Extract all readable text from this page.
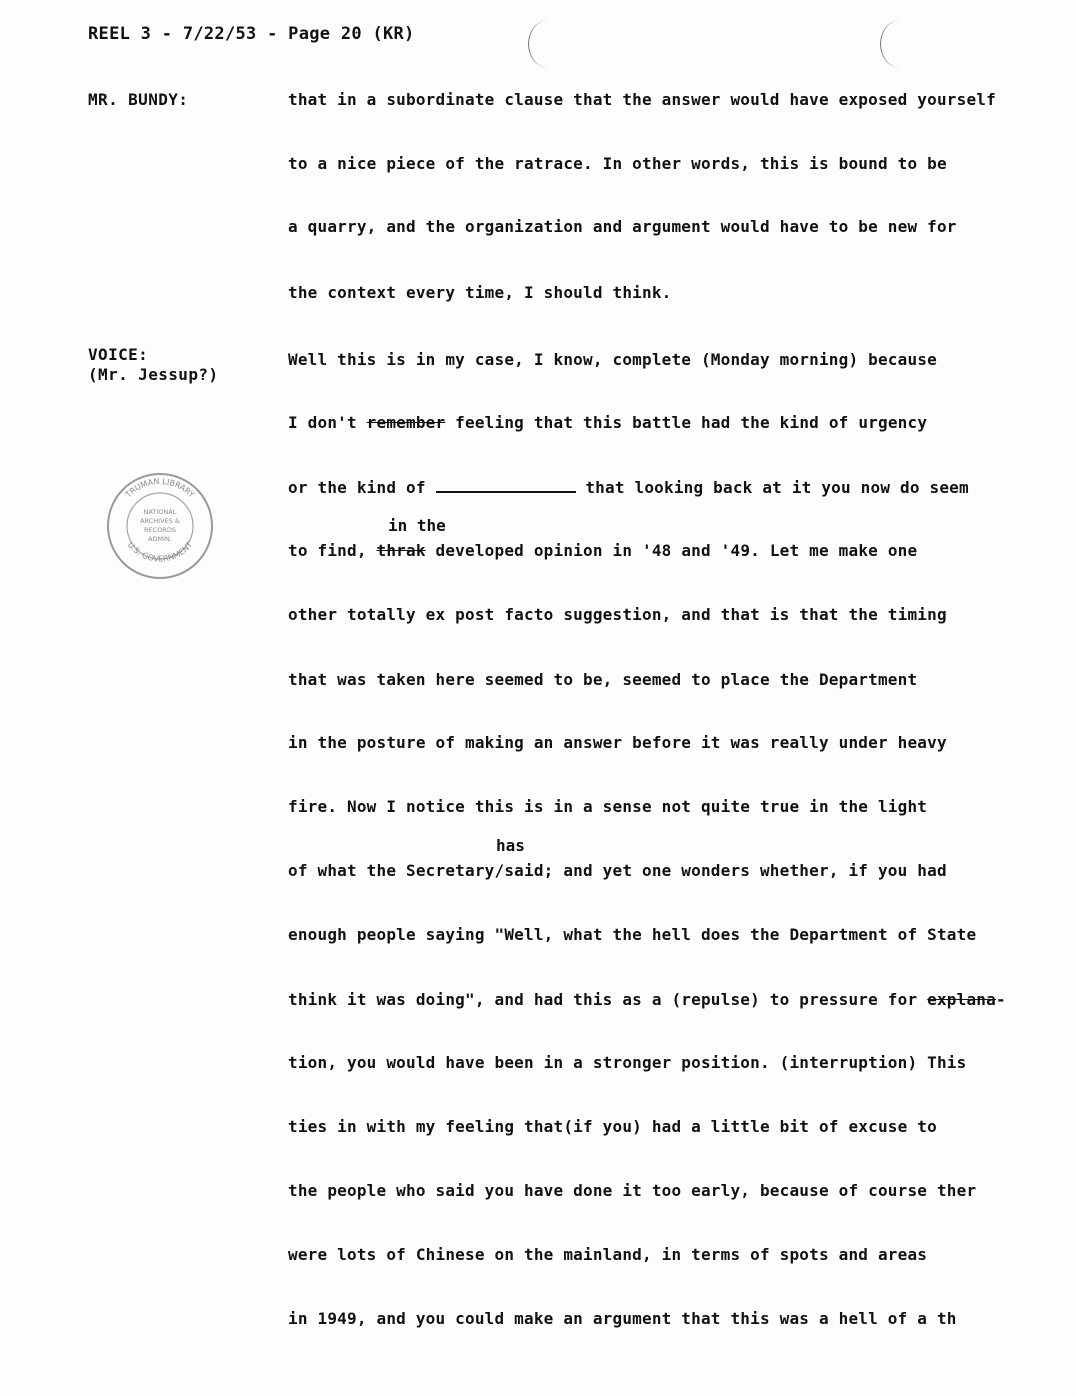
REEL 3 - 7/22/53 - Page 20 (KR)
MR. BUNDY:	that in a subordinate clause that the answer would have exposed yourself
to a nice piece of the ratrace. In other words, this is bound to be
a quarry, and the organization and argument would have to be new for
the context every time, I should think.
VOICE:
(Mr. Jessup?)
Well this is in my case, I know, complete (Monday morning) because
I don't remember feeling that this battle had the kind of urgency
or the kind of	that looking back at it you now do seem
in the
to find, thrak developed opinion in '48 and '49. Let me make one
other totally ex post facto suggestion, and that is that the timing
that was taken here seemed to be, seemed to place the Department
in the posture of making an answer before it was really under heavy
fire. Now I notice this is in a sense not quite true in the light
has
of what the Secretary/said; and yet one wonders whether, if you had
enough people saying "Well, what the hell does the Department of State
think it was doing", and had this as a (repulse) to pressure for explana-
tion, you would have been in a stronger position. (interruption) This
ties in with my feeling that(if you) had a little bit of excuse to
the people who said you have done it too early, because of course ther
were lots of Chinese on the mainland, in terms of spots and areas
in 1949, and you could make an argument that this was a hell of a th
TRUMAN LIBRARY
U.S. GOVERNMENT
NATIONAL
ARCHIVES &
RECORDS
ADMIN.
